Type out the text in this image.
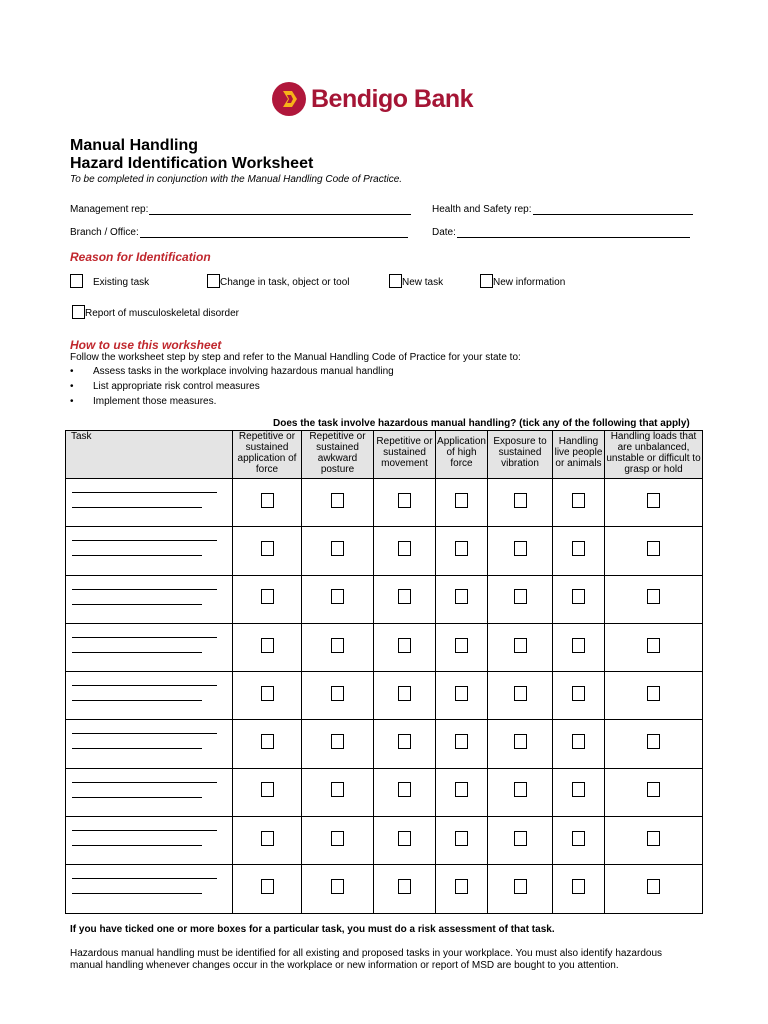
Bendigo Bank
Manual Handling
Hazard Identification Worksheet
To be completed in conjunction with the Manual Handling Code of Practice.
Management rep:	Health and Safety rep:
Branch / Office:	Date:
Reason for Identification
Existing task	Change in task, object or tool	New task	New information
Report of musculoskeletal disorder
How to use this worksheet
Follow the worksheet step by step and refer to the Manual Handling Code of Practice for your state to:
•	Assess tasks in the workplace involving hazardous manual handling
•	List appropriate risk control measures
•	Implement those measures.
Does the task involve hazardous manual handling? (tick any of the following that apply)
Task	Repetitive or sustained application of force	Repetitive or sustained awkward posture	Repetitive or sustained movement	Application of high force	Exposure to sustained vibration	Handling live people or animals	Handling loads that are unbalanced, unstable or difficult to grasp or hold

If you have ticked one or more boxes for a particular task, you must do a risk assessment of that task.
Hazardous manual handling must be identified for all existing and proposed tasks in your workplace. You must also identify hazardous
manual handling whenever changes occur in the workplace or new information or report of MSD are bought to you attention.
